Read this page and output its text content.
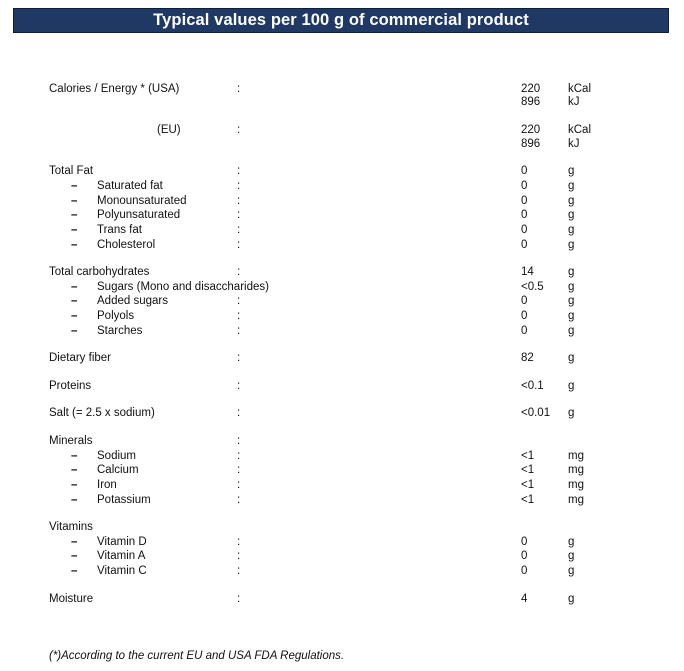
Typical values per 100 g of commercial product
Calories / Energy * (USA)	:	220 kCal
896 kJ
(EU)	:	220 kCal
896 kJ
Total Fat	:	0	g
– Saturated fat	:	0	g
– Monounsaturated	:	0	g
– Polyunsaturated	:	0	g
– Trans fat	:	0	g
– Cholesterol	:	0	g
Total carbohydrates	:	14	g
– Sugars (Mono and disaccharides)	<0.5 g
– Added sugars	:	0	g
– Polyols	:	0	g
– Starches	:	0	g
Dietary fiber	:	82	g
Proteins	:	<0.1 g
Salt (= 2.5 x sodium)	:	<0.01 g
Minerals	:
– Sodium	:	<1	mg
– Calcium	:	<1	mg
– Iron	:	<1	mg
– Potassium	:	<1	mg
Vitamins
– Vitamin D	:	0	g
– Vitamin A	:	0	g
– Vitamin C	:	0	g
Moisture	:	4	g
(*)According to the current EU and USA FDA Regulations.
